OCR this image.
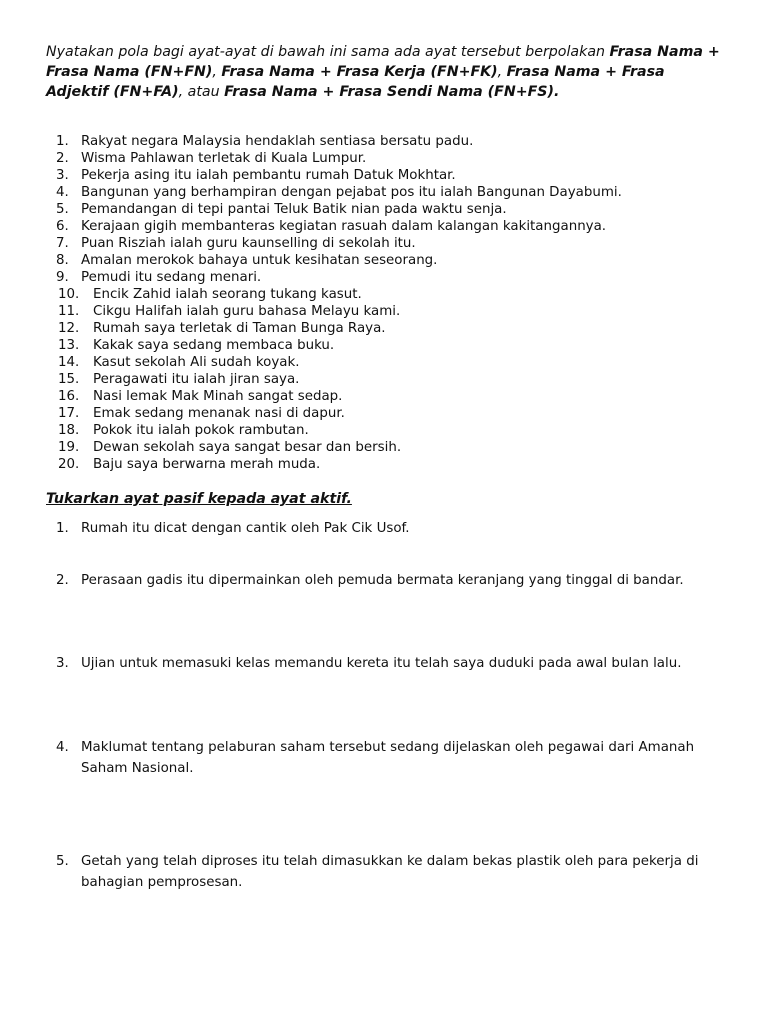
Nyatakan pola bagi ayat-ayat di bawah ini sama ada ayat tersebut berpolakan Frasa Nama + Frasa Nama (FN+FN), Frasa Nama + Frasa Kerja (FN+FK), Frasa Nama + Frasa Adjektif (FN+FA), atau Frasa Nama + Frasa Sendi Nama (FN+FS).
1. Rakyat negara Malaysia hendaklah sentiasa bersatu padu.
2. Wisma Pahlawan terletak di Kuala Lumpur.
3. Pekerja asing itu ialah pembantu rumah Datuk Mokhtar.
4. Bangunan yang berhampiran dengan pejabat pos itu ialah Bangunan Dayabumi.
5. Pemandangan di tepi pantai Teluk Batik nian pada waktu senja.
6. Kerajaan gigih membanteras kegiatan rasuah dalam kalangan kakitangannya.
7. Puan Risziah ialah guru kaunselling di sekolah itu.
8. Amalan merokok bahaya untuk kesihatan seseorang.
9. Pemudi itu sedang menari.
10. Encik Zahid ialah seorang tukang kasut.
11. Cikgu Halifah ialah guru bahasa Melayu kami.
12. Rumah saya terletak di Taman Bunga Raya.
13. Kakak saya sedang membaca buku.
14. Kasut sekolah Ali sudah koyak.
15. Peragawati itu ialah jiran saya.
16. Nasi lemak Mak Minah sangat sedap.
17. Emak sedang menanak nasi di dapur.
18. Pokok itu ialah pokok rambutan.
19. Dewan sekolah saya sangat besar dan bersih.
20. Baju saya berwarna merah muda.
Tukarkan ayat pasif kepada ayat aktif.
1. Rumah itu dicat dengan cantik oleh Pak Cik Usof.
2. Perasaan gadis itu dipermainkan oleh pemuda bermata keranjang yang tinggal di bandar.
3. Ujian untuk memasuki kelas memandu kereta itu telah saya duduki pada awal bulan lalu.
4. Maklumat tentang pelaburan saham tersebut sedang dijelaskan oleh pegawai dari Amanah Saham Nasional.
5. Getah yang telah diproses itu telah dimasukkan ke dalam bekas plastik oleh para pekerja di bahagian pemprosesan.
